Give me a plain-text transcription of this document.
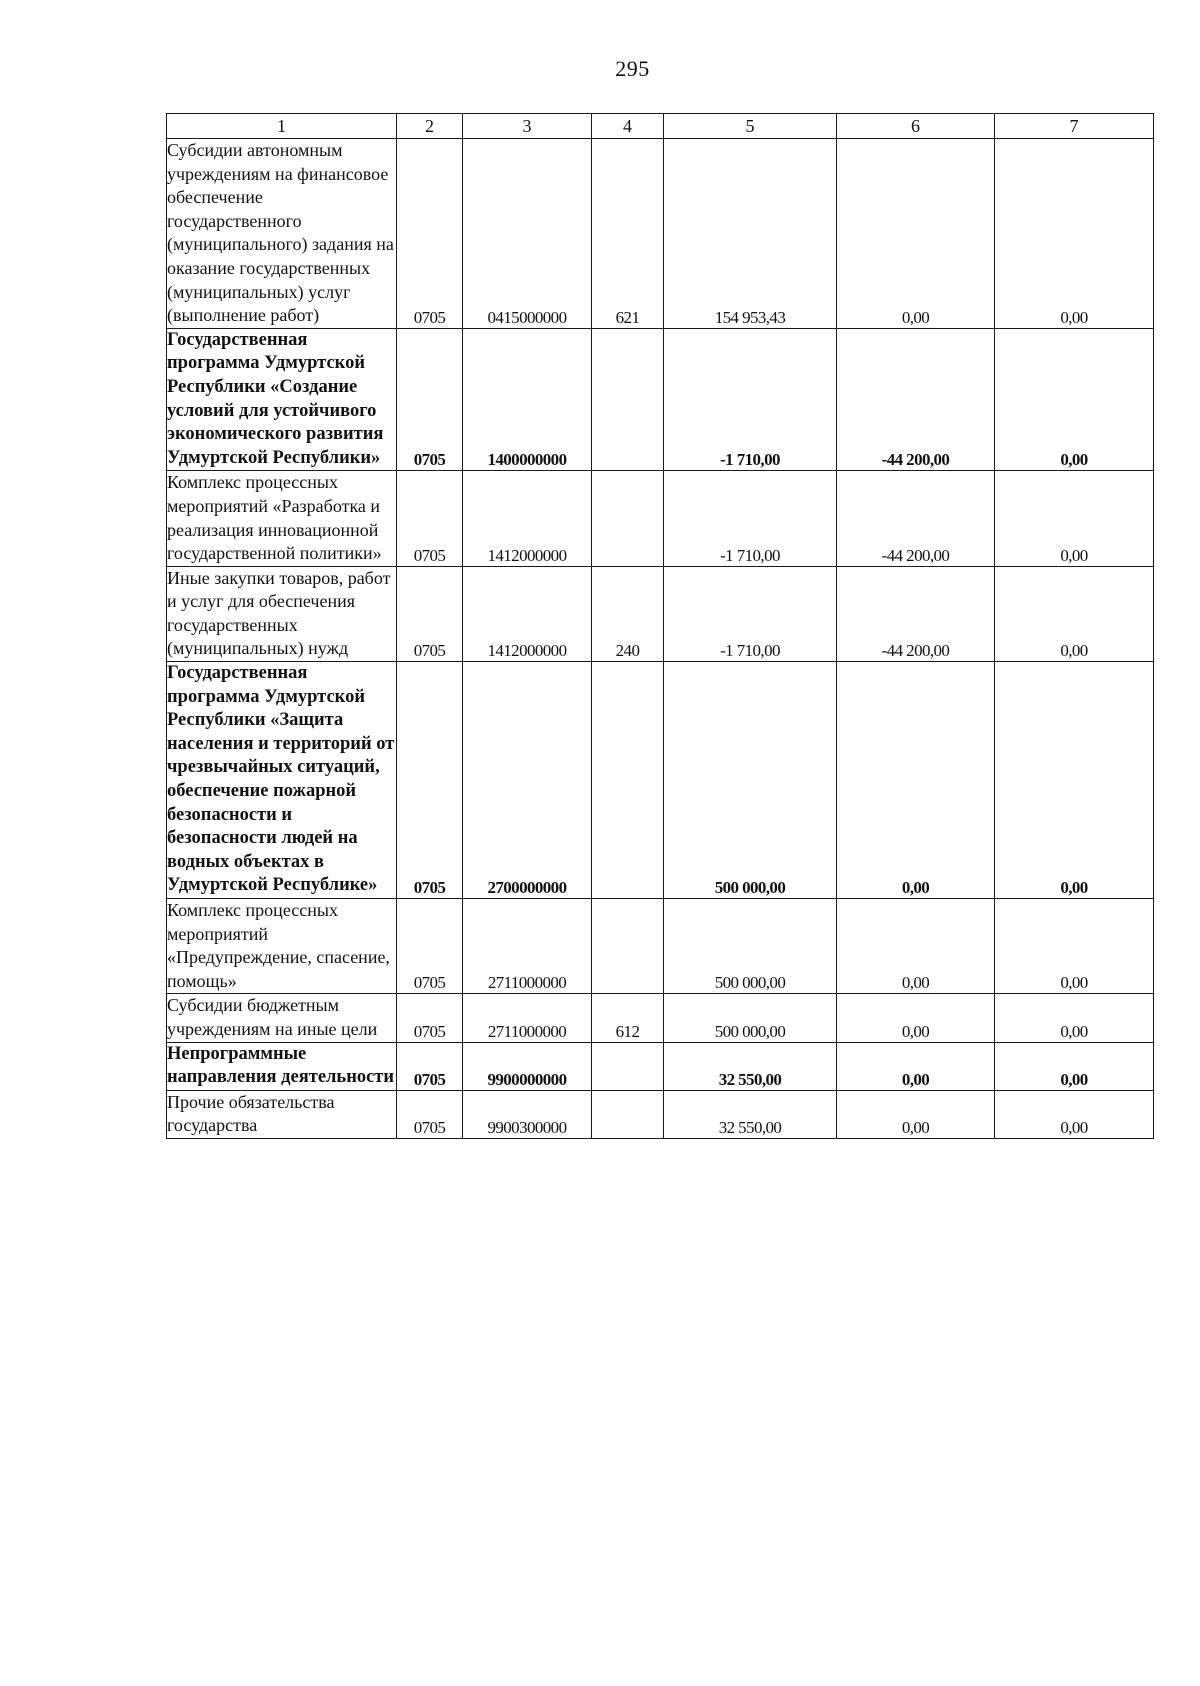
295
1	2	3	4	5	6	7
Субсидии автономным учреждениям на финансовое обеспечение государственного (муниципального) задания на оказание государственных (муниципальных) услуг (выполнение работ)	0705	0415000000	621	154 953,43	0,00	0,00
Государственная программа Удмуртской Республики «Создание условий для устойчивого экономического развития Удмуртской Республики»	0705	1400000000		-1 710,00	-44 200,00	0,00
Комплекс процессных мероприятий «Разработка и реализация инновационной государственной политики»	0705	1412000000		-1 710,00	-44 200,00	0,00
Иные закупки товаров, работ и услуг для обеспечения государственных (муниципальных) нужд	0705	1412000000	240	-1 710,00	-44 200,00	0,00
Государственная программа Удмуртской Республики «Защита населения и территорий от чрезвычайных ситуаций, обеспечение пожарной безопасности и безопасности людей на водных объектах в Удмуртской Республике»	0705	2700000000		500 000,00	0,00	0,00
Комплекс процессных мероприятий «Предупреждение, спасение, помощь»	0705	2711000000		500 000,00	0,00	0,00
Субсидии бюджетным учреждениям на иные цели	0705	2711000000	612	500 000,00	0,00	0,00
Непрограммные направления деятельности	0705	9900000000		32 550,00	0,00	0,00
Прочие обязательства государства	0705	9900300000		32 550,00	0,00	0,00
